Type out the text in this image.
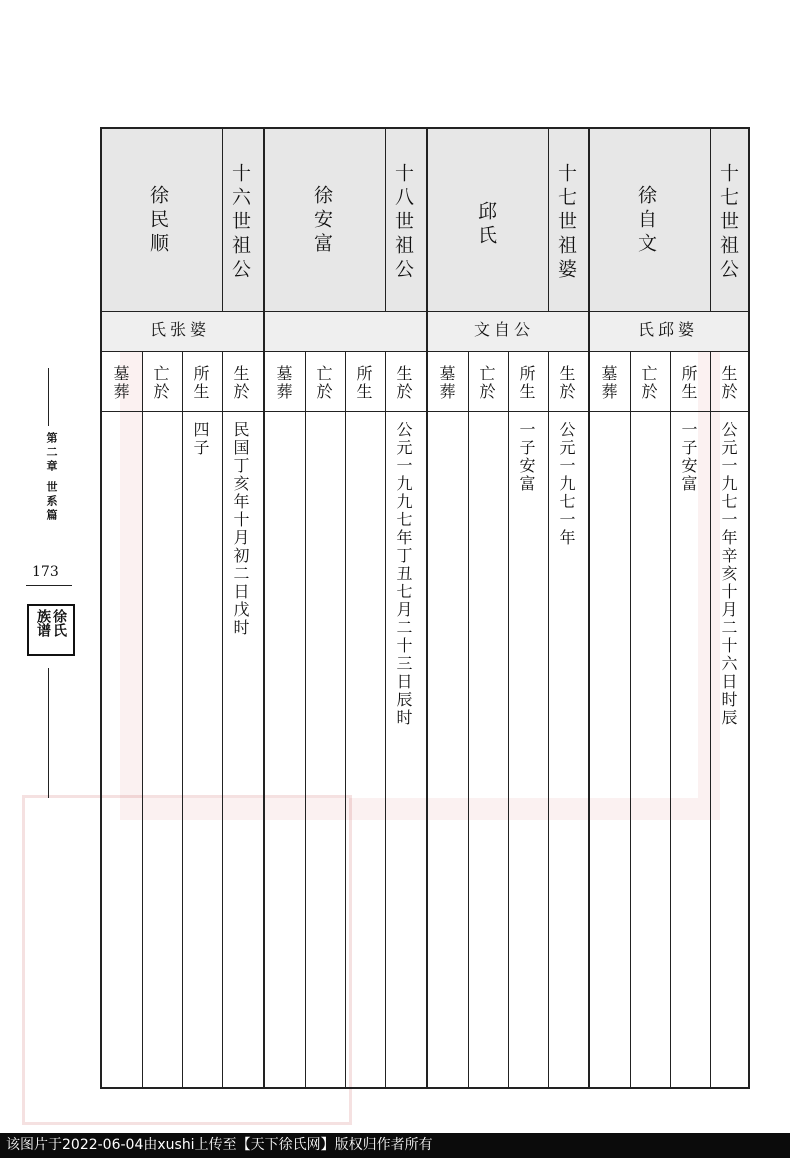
第二章 世系篇
173
徐氏
族谱
十七世祖公
徐自文
氏邱婆
生於
公元一九七一年辛亥十月二十六日时辰
所生
一子安富
亡於
墓葬
十七世祖婆
邱氏
文自公
生於
公元一九七一年
所生
一子安富
亡於
墓葬
十八世祖公
徐安富
生於
公元一九九七年丁丑七月二十三日辰时
所生
亡於
墓葬
十六世祖公
徐民顺
氏张婆
生於
民国丁亥年十月初二日戊时
所生
四子
亡於
墓葬
该图片于2022-06-04由xushi上传至【天下徐氏网】版权归作者所有
